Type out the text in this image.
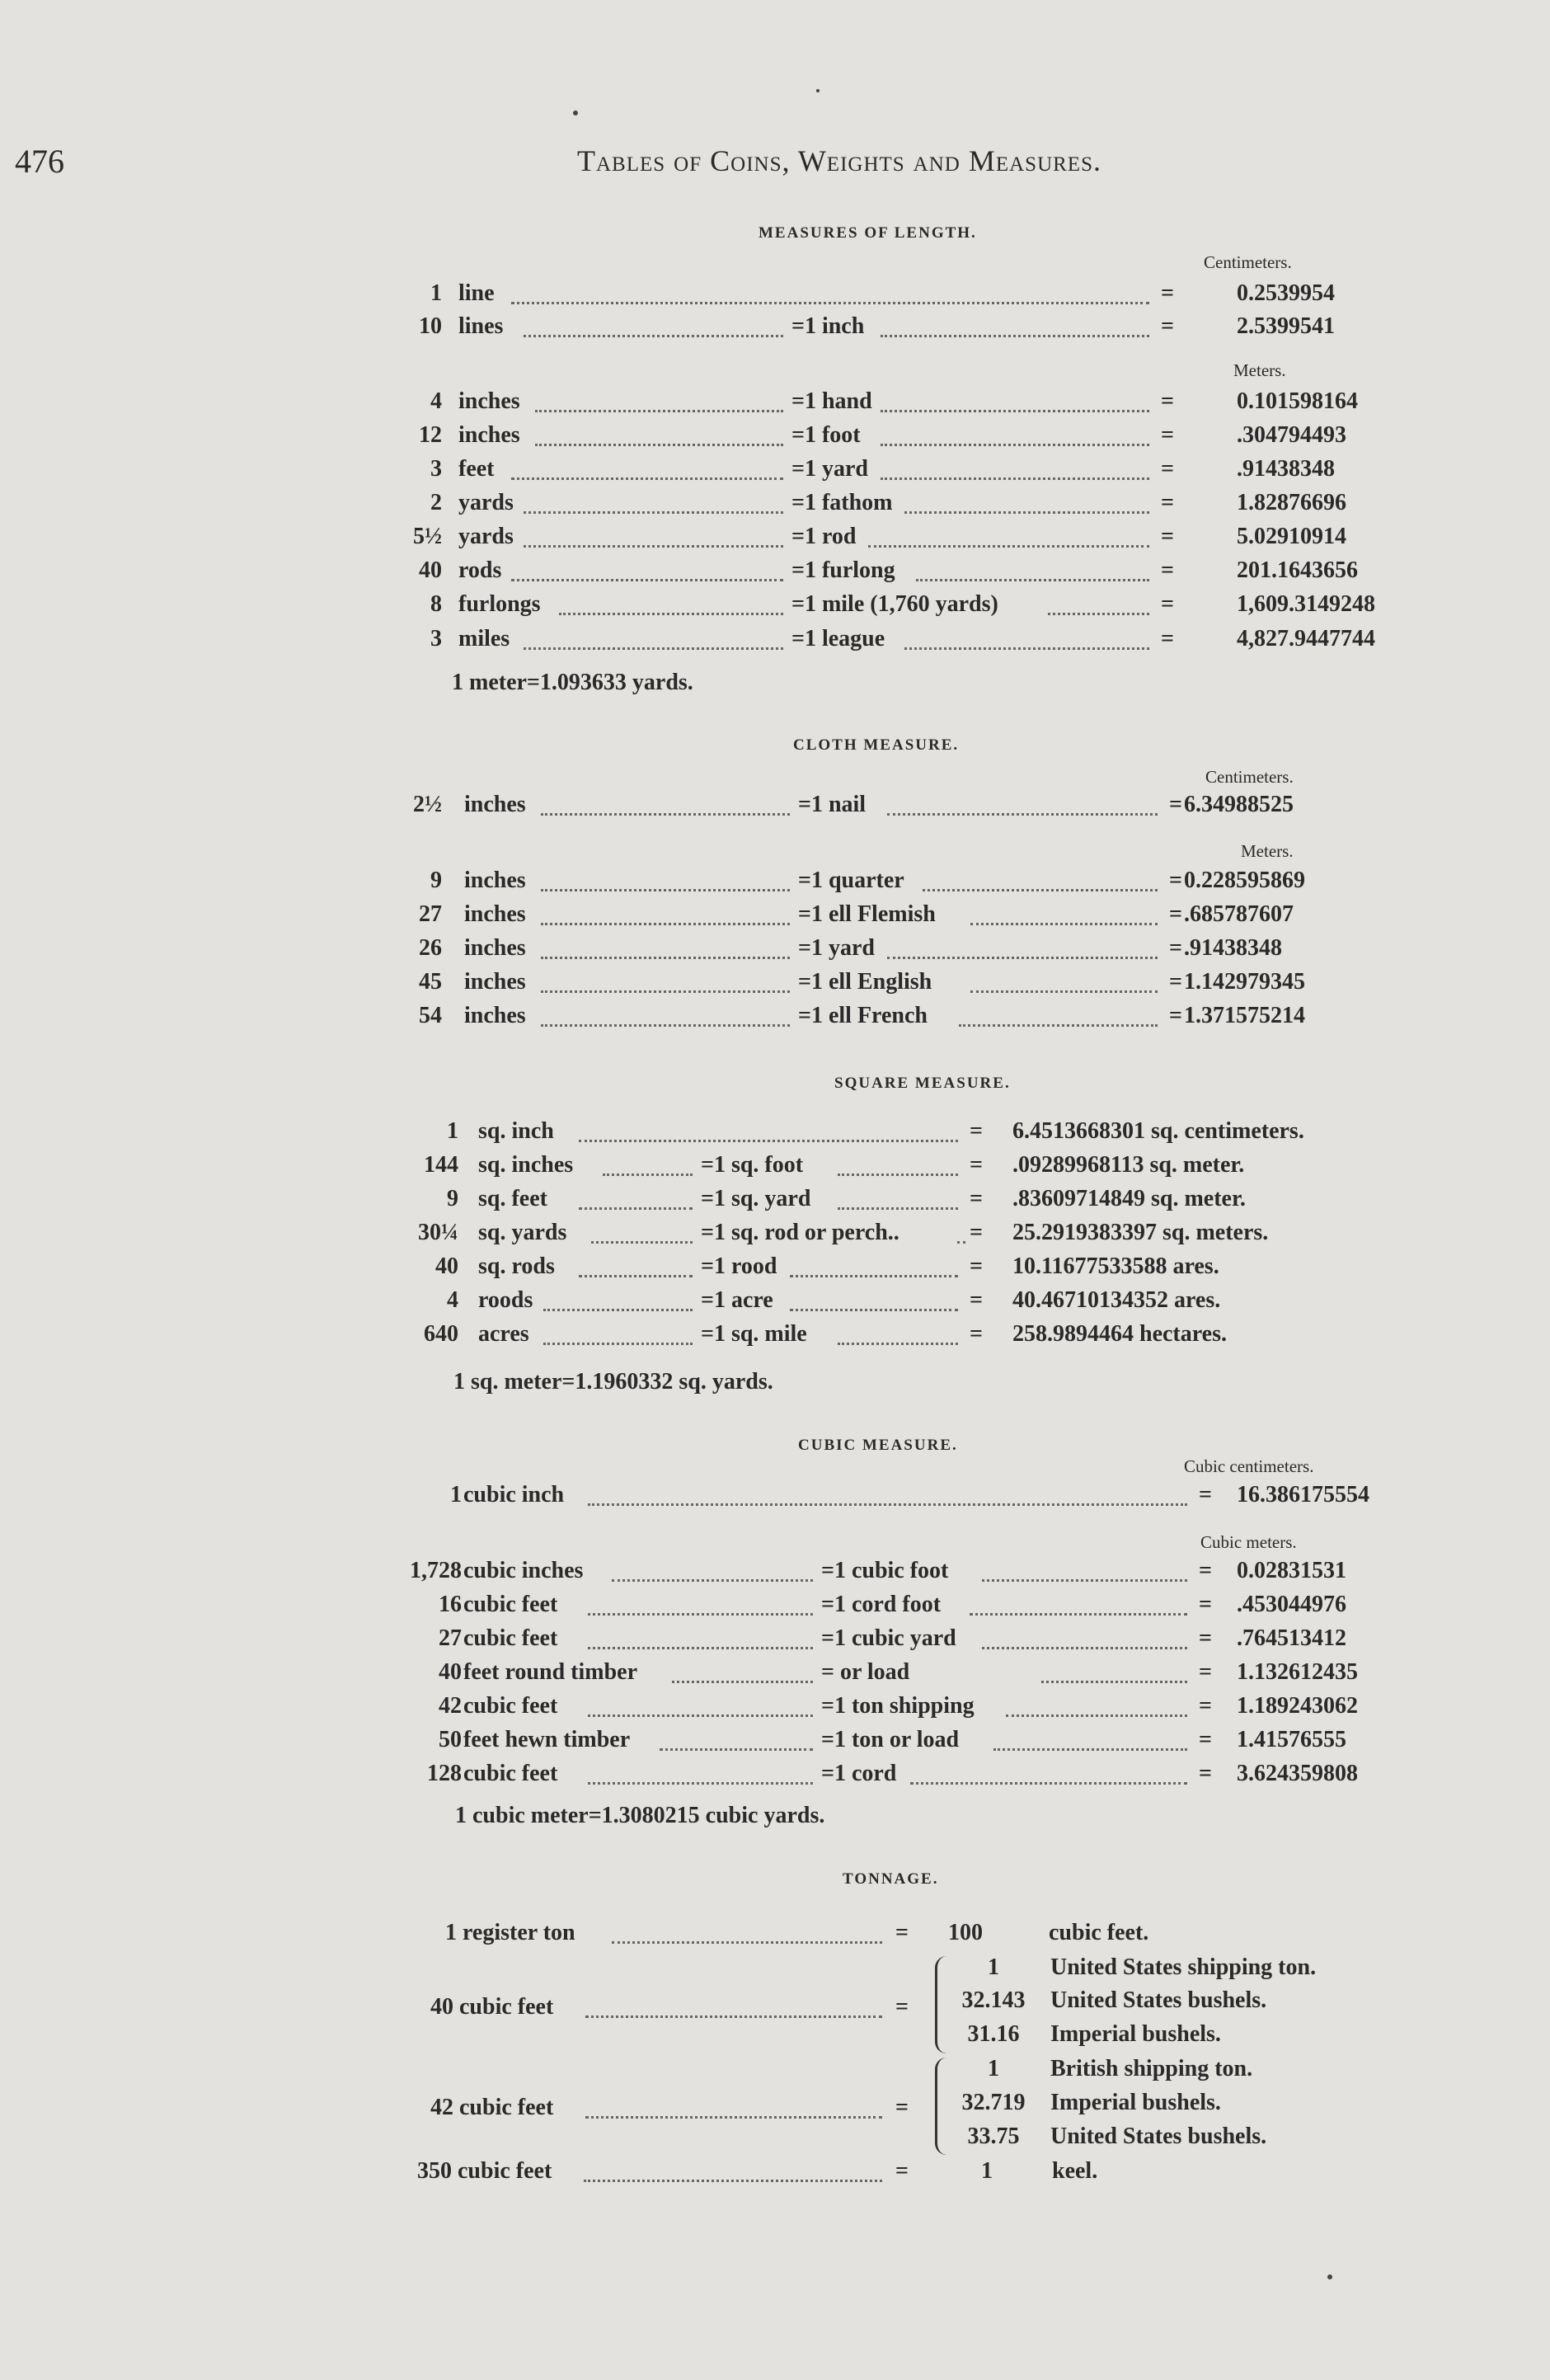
476	Tables of Coins, Weights and Measures.
MEASURES OF LENGTH.
Centimeters.
1 line	=	0.2539954
10 lines	=1 inch	=	2.5399541
4 inches	=1 hand	=	0.101598164
12 inches	=1 foot	=	.304794493
3 feet	=1 yard	=	.91438348
2 yards	=1 fathom	=	1.82876696
5½ yards	=1 rod	=	5.02910914
40 rods	=1 furlong	=	201.1643656
8 furlongs	=1 mile (1,760 yards)	=	1,609.3149248
3 miles	=1 league	=	4,827.9447744
Meters.
1 meter=1.093633 yards.
CLOTH MEASURE.
Centimeters.
Meters.
2½ inches	=1 nail	= 6.34988525
9 inches	=1 quarter	= 0.228595869
27 inches	=1 ell Flemish	= .685787607
26 inches	=1 yard	= .91438348
45 inches	=1 ell English	= 1.142979345
54 inches	=1 ell French	= 1.371575214
SQUARE MEASURE.
1 sq. inch	= 6.4513668301 sq. centimeters.
144 sq. inches	=1 sq. foot	= .09289968113 sq. meter.
9 sq. feet	=1 sq. yard	= .83609714849 sq. meter.
30¼ sq. yards	=1 sq. rod or perch..	= 25.2919383397 sq. meters.
40 sq. rods	=1 rood	= 10.11677533588 ares.
4 roods	=1 acre	= 40.46710134352 ares.
640 acres	=1 sq. mile	= 258.9894464 hectares.
1 sq. meter=1.1960332 sq. yards.
CUBIC MEASURE.
Cubic centimeters.
Cubic meters.
1 cubic inch	= 16.386175554
1,728 cubic inches	=1 cubic foot	= 0.02831531
16 cubic feet	=1 cord foot	= .453044976
27 cubic feet	=1 cubic yard	= .764513412
40 feet round timber	= or load	= 1.132612435
42 cubic feet	=1 ton shipping	= 1.189243062
50 feet hewn timber	=1 ton or load	= 1.41576555
128 cubic feet	=1 cord	= 3.624359808
1 cubic meter=1.3080215 cubic yards.
TONNAGE.
1 register ton	= 100	cubic feet.
40 cubic feet	=
1	United States shipping ton.
32.143 United States bushels.
31.16	Imperial bushels.
42 cubic feet	=
1	British shipping ton.
32.719 Imperial bushels.
33.75	United States bushels.
350 cubic feet	=	1	keel.
